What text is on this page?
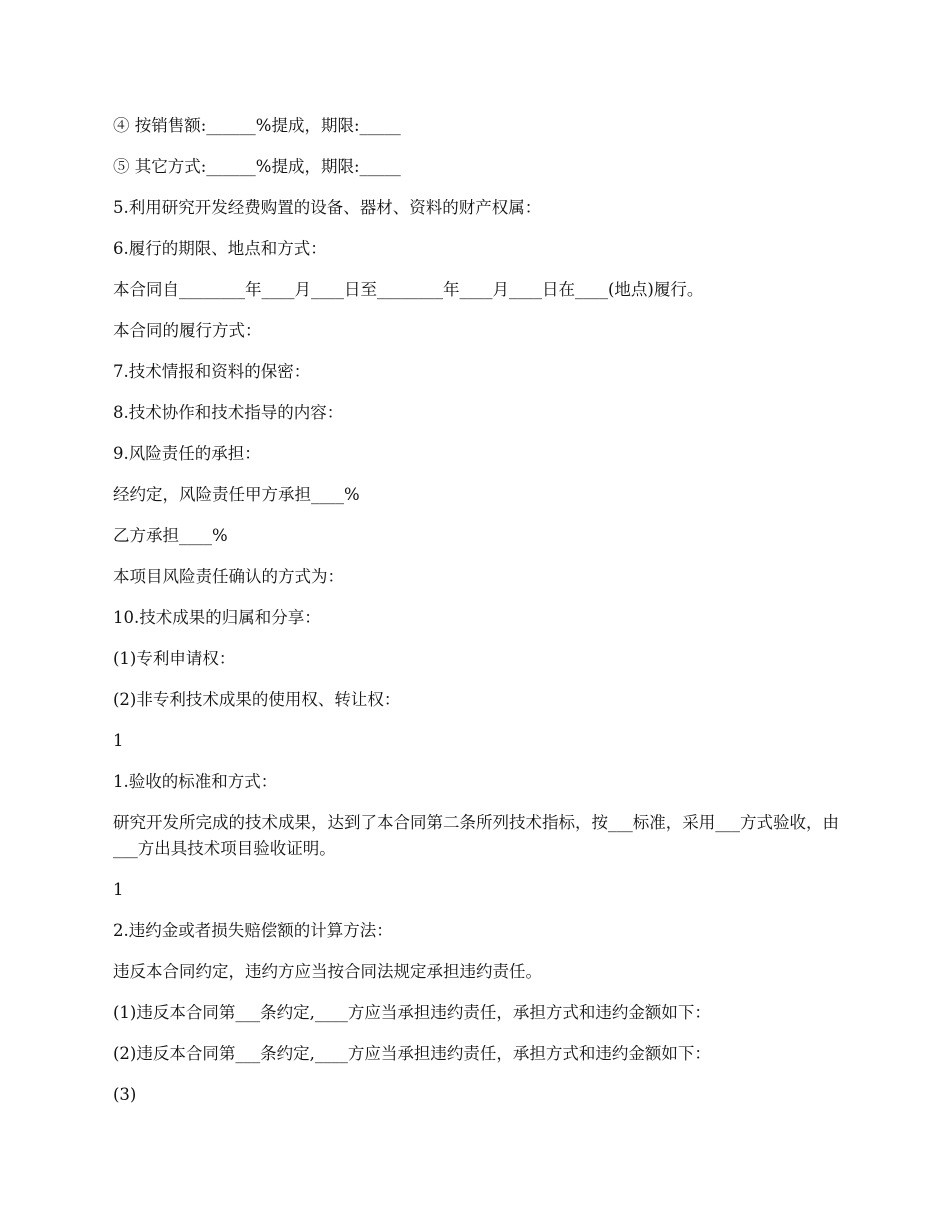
④ 按销售额:______%提成，期限:_____

⑤ 其它方式:______%提成，期限:_____

5.利用研究开发经费购置的设备、器材、资料的财产权属：

6.履行的期限、地点和方式：

本合同自________年____月____日至________年____月____日在____(地点)履行。

本合同的履行方式：

7.技术情报和资料的保密：

8.技术协作和技术指导的内容：

9.风险责任的承担：

经约定，风险责任甲方承担____%

乙方承担____%

本项目风险责任确认的方式为：

10.技术成果的归属和分享：

(1)专利申请权：

(2)非专利技术成果的使用权、转让权：

1

1.验收的标准和方式：

研究开发所完成的技术成果，达到了本合同第二条所列技术指标，按___标准，采用___方式验收，由___方出具技术项目验收证明。

1

2.违约金或者损失赔偿额的计算方法：

违反本合同约定，违约方应当按合同法规定承担违约责任。

(1)违反本合同第___条约定,____方应当承担违约责任，承担方式和违约金额如下：

(2)违反本合同第___条约定,____方应当承担违约责任，承担方式和违约金额如下：

(3)
